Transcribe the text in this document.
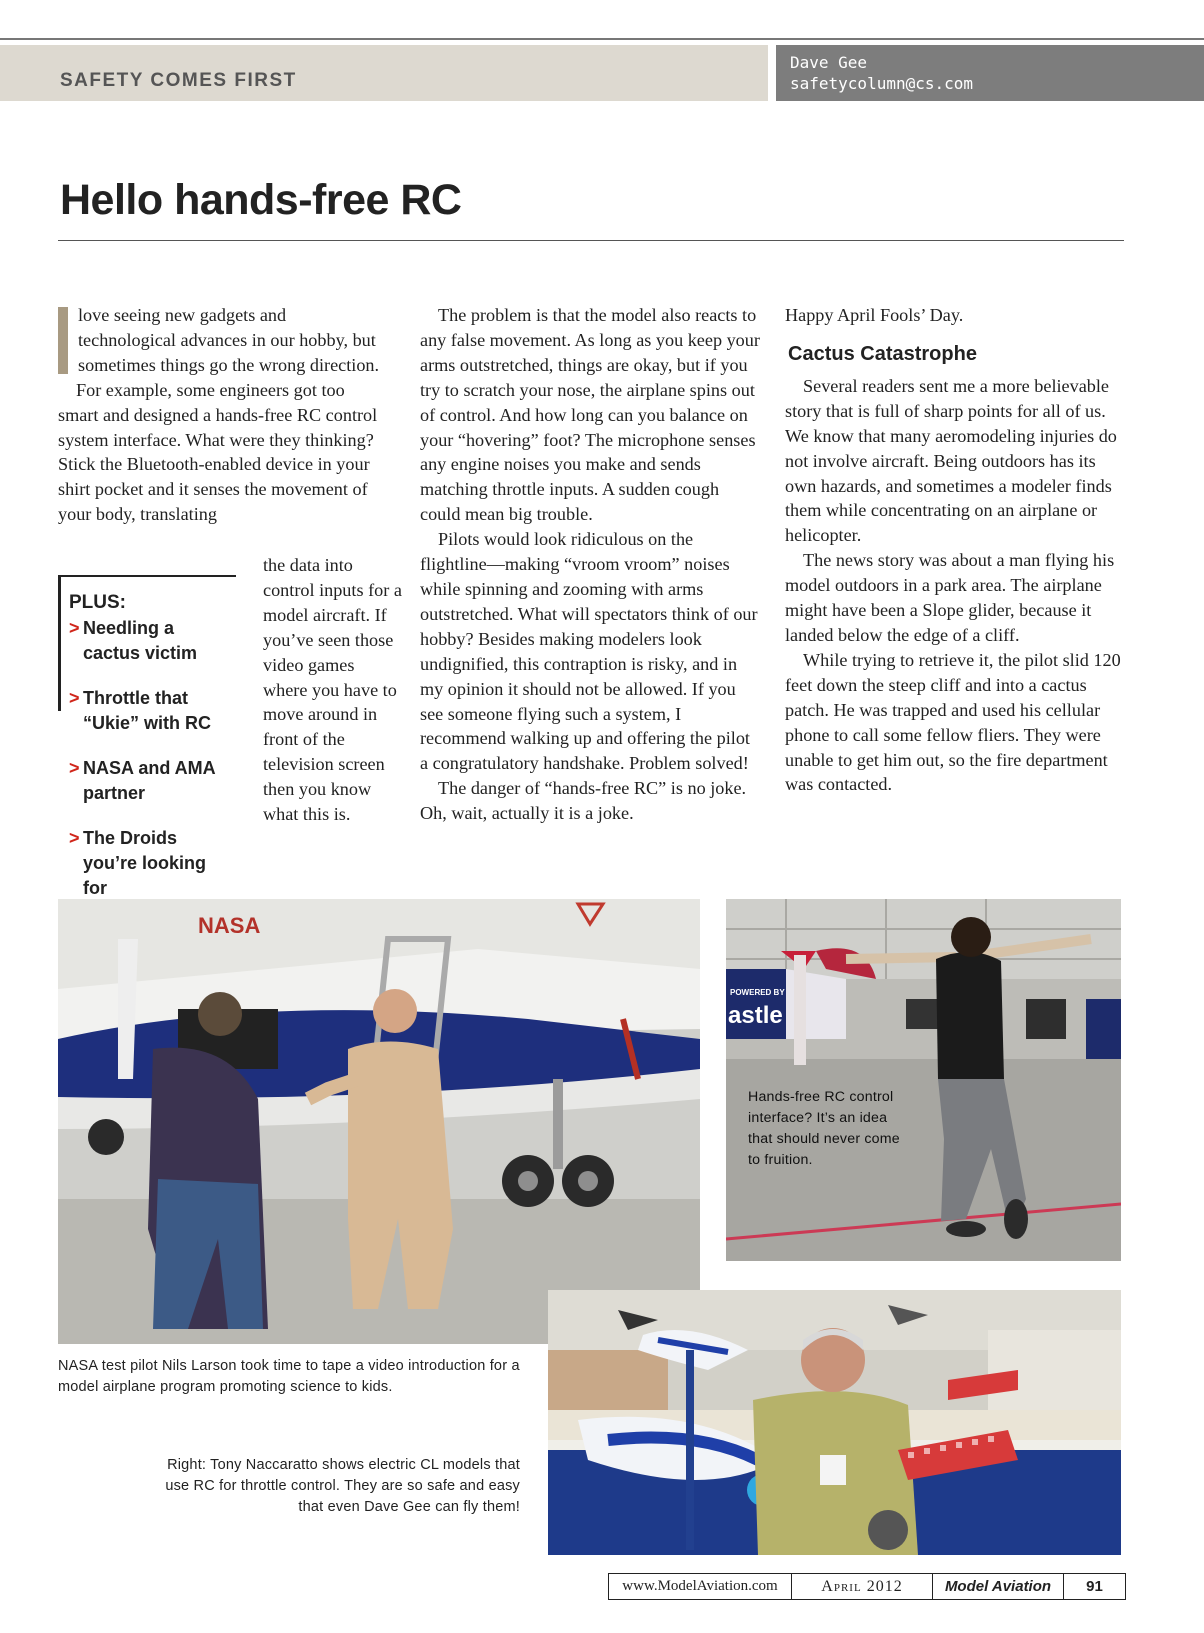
SAFETY COMES FIRST
Dave Gee
safetycolumn@cs.com
Hello hands-free RC

love seeing new gadgets and technological advances in our hobby, but sometimes things go the wrong direction.

For example, some engineers got too smart and designed a hands-free RC control system interface. What were they thinking? Stick the Bluetooth-enabled device in your shirt pocket and it senses the movement of your body, translating

the data into control inputs for a model aircraft. If you’ve seen those video games where you have to move around in front of the television screen then you know what this is.

PLUS:
> Needling a cactus victim
> Throttle that “Ukie” with RC
> NASA and AMA partner
> The Droids you’re looking for

The problem is that the model also reacts to any false movement. As long as you keep your arms outstretched, things are okay, but if you try to scratch your nose, the airplane spins out of control. And how long can you balance on your “hovering” foot? The microphone senses any engine noises you make and sends matching throttle inputs. A sudden cough could mean big trouble.

Pilots would look ridiculous on the flightline—making “vroom vroom” noises while spinning and zooming with arms outstretched. What will spectators think of our hobby? Besides making modelers look undignified, this contraption is risky, and in my opinion it should not be allowed. If you see someone flying such a system, I recommend walking up and offering the pilot a congratulatory handshake. Problem solved!

The danger of “hands-free RC” is no joke. Oh, wait, actually it is a joke.

Happy April Fools’ Day.

Cactus Catastrophe

Several readers sent me a more believable story that is full of sharp points for all of us. We know that many aeromodeling injuries do not involve aircraft. Being outdoors has its own hazards, and sometimes a modeler finds them while concentrating on an airplane or helicopter.

The news story was about a man flying his model outdoors in a park area. The airplane might have been a Slope glider, because it landed below the edge of a cliff.

While trying to retrieve it, the pilot slid 120 feet down the steep cliff and into a cactus patch. He was trapped and used his cellular phone to call some fellow fliers. They were unable to get him out, so the fire department was contacted.

NASA
NASA test pilot Nils Larson took time to tape a video introduction for a model airplane program promoting science to kids.
POWERED BY
astle
Hands-free RC control interface? It’s an idea that should never come to fruition.
Right: Tony Naccaratto shows electric CL models that use RC for throttle control. They are so safe and easy that even Dave Gee can fly them!
www.ModelAviation.com	April 2012	Model Aviation	91
